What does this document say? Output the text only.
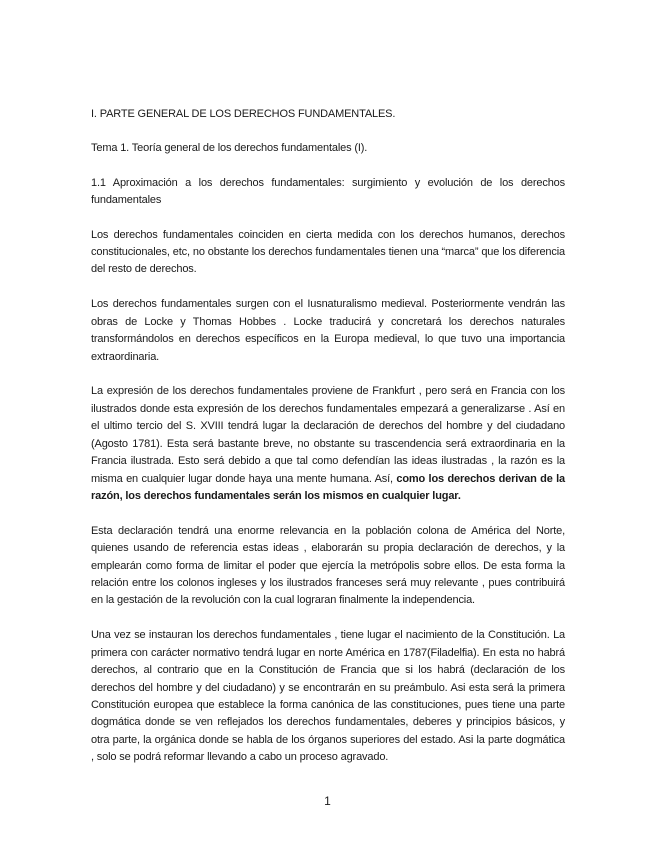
I. PARTE GENERAL DE LOS DERECHOS FUNDAMENTALES.

Tema 1. Teoría general de los derechos fundamentales (I).

1.1 Aproximación a los derechos fundamentales: surgimiento y evolución de los derechos fundamentales

Los derechos fundamentales coinciden en cierta medida con los derechos humanos, derechos constitucionales, etc, no obstante los derechos fundamentales tienen una “marca” que los diferencia del resto de derechos.

Los derechos fundamentales surgen con el Iusnaturalismo medieval. Posteriormente vendrán las obras de Locke y Thomas Hobbes . Locke traducirá y concretará los derechos naturales transformándolos en derechos específicos en la Europa medieval, lo que tuvo una importancia extraordinaria.

La expresión de los derechos fundamentales proviene de Frankfurt , pero será en Francia con los ilustrados donde esta expresión de los derechos fundamentales empezará a generalizarse . Así en el ultimo tercio del S. XVIII tendrá lugar la declaración de derechos del hombre y del ciudadano (Agosto 1781). Esta será bastante breve, no obstante su trascendencia será extraordinaria en la Francia ilustrada. Esto será debido a que tal como defendían las ideas ilustradas , la razón es la misma en cualquier lugar donde haya una mente humana. Así, como los derechos derivan de la razón, los derechos fundamentales serán los mismos en cualquier lugar.

Esta declaración tendrá una enorme relevancia en la población colona de América del Norte, quienes usando de referencia estas ideas , elaborarán su propia declaración de derechos, y la emplearán como forma de limitar el poder que ejercía la metrópolis sobre ellos. De esta forma la relación entre los colonos ingleses y los ilustrados franceses será muy relevante , pues contribuirá en la gestación de la revolución con la cual lograran finalmente la independencia.

Una vez se instauran los derechos fundamentales , tiene lugar el nacimiento de la Constitución. La primera con carácter normativo tendrá lugar en norte América en 1787(Filadelfia). En esta no habrá derechos, al contrario que en la Constitución de Francia que si los habrá (declaración de los derechos del hombre y del ciudadano) y se encontrarán en su preámbulo. Asi esta será la primera Constitución europea que establece la forma canónica de las constituciones, pues tiene una parte dogmática donde se ven reflejados los derechos fundamentales, deberes y principios básicos, y otra parte, la orgánica donde se habla de los órganos superiores del estado. Asi la parte dogmática , solo se podrá reformar llevando a cabo un proceso agravado.

1
